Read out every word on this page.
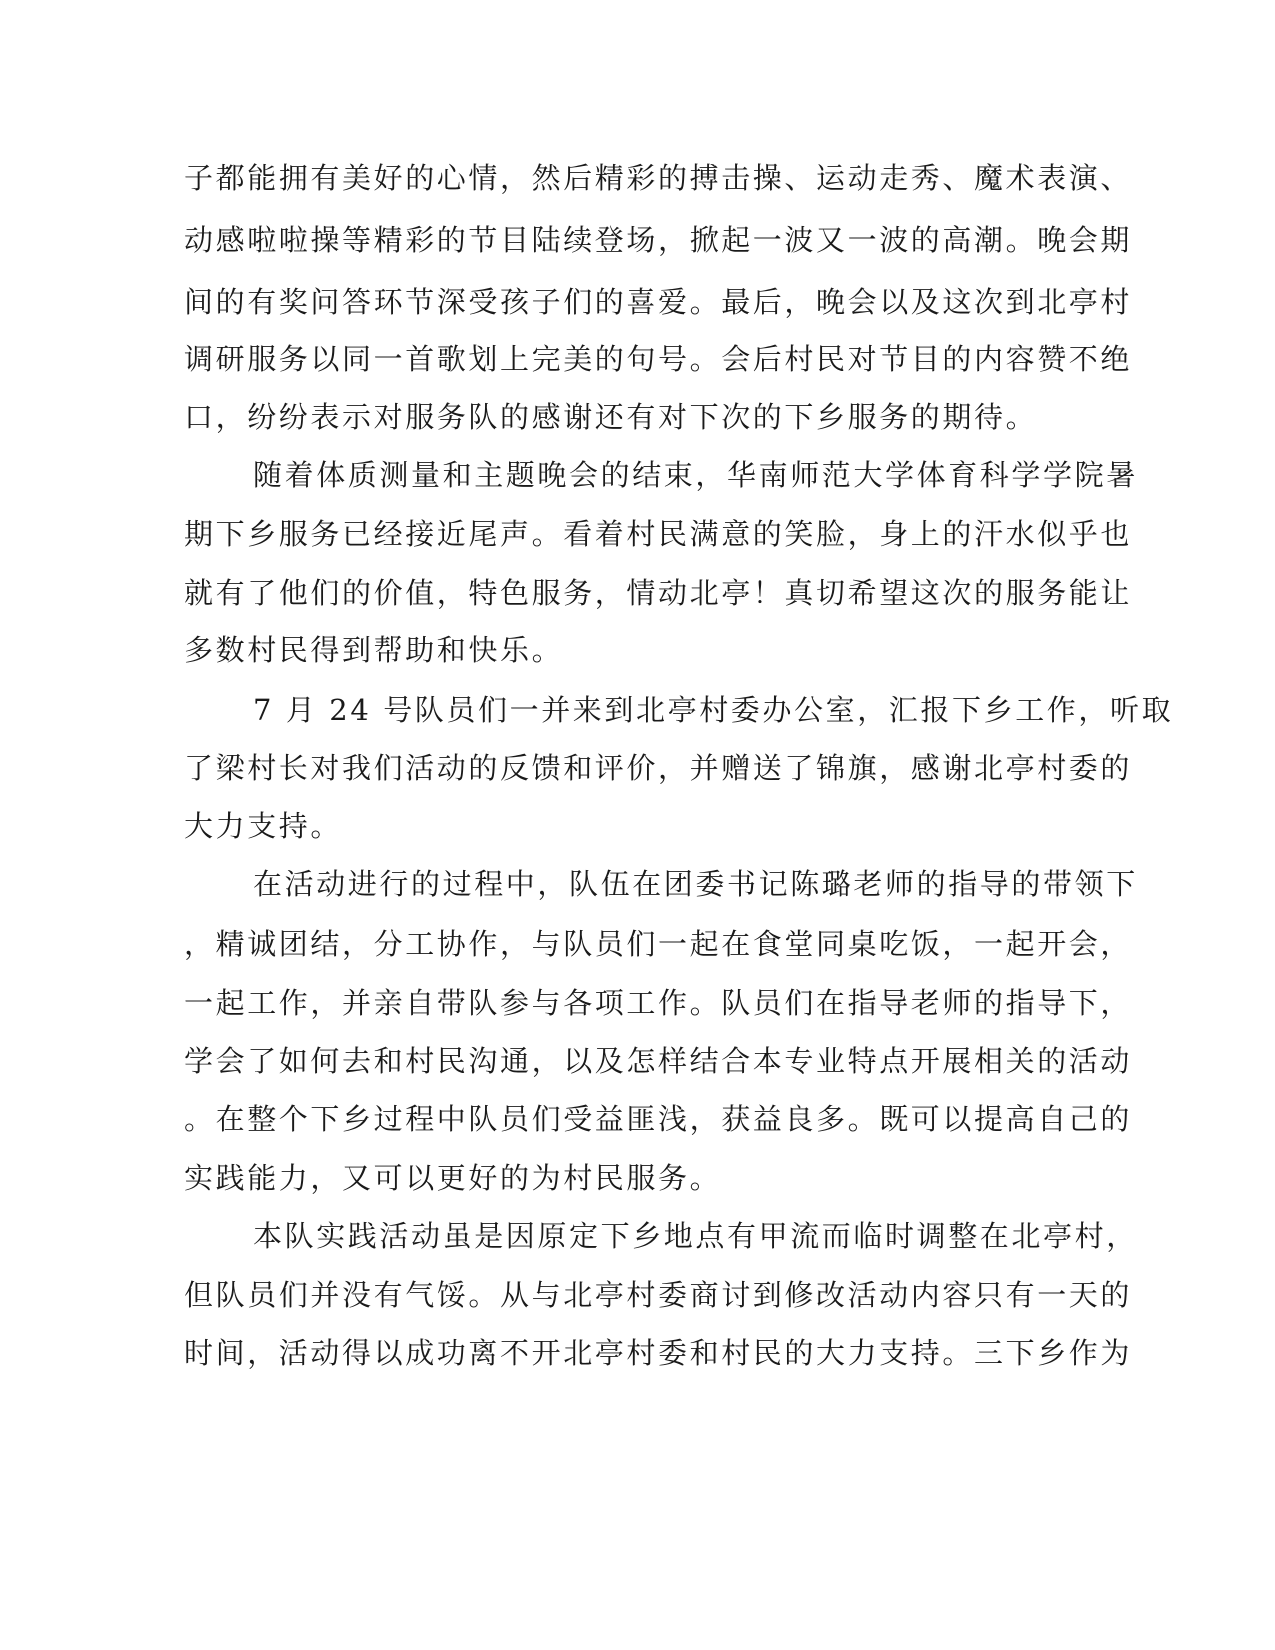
子都能拥有美好的心情，然后精彩的搏击操、运动走秀、魔术表演、

动感啦啦操等精彩的节目陆续登场，掀起一波又一波的高潮。晚会期

间的有奖问答环节深受孩子们的喜爱。最后，晚会以及这次到北亭村

调研服务以同一首歌划上完美的句号。会后村民对节目的内容赞不绝

口，纷纷表示对服务队的感谢还有对下次的下乡服务的期待。

随着体质测量和主题晚会的结束，华南师范大学体育科学学院暑

期下乡服务已经接近尾声。看着村民满意的笑脸，身上的汗水似乎也

就有了他们的价值，特色服务，情动北亭！真切希望这次的服务能让

多数村民得到帮助和快乐。

7 月 24 号队员们一并来到北亭村委办公室，汇报下乡工作，听取

了梁村长对我们活动的反馈和评价，并赠送了锦旗，感谢北亭村委的

大力支持。

在活动进行的过程中，队伍在团委书记陈璐老师的指导的带领下

，精诚团结，分工协作，与队员们一起在食堂同桌吃饭，一起开会，

一起工作，并亲自带队参与各项工作。队员们在指导老师的指导下，

学会了如何去和村民沟通，以及怎样结合本专业特点开展相关的活动

。在整个下乡过程中队员们受益匪浅，获益良多。既可以提高自己的

实践能力，又可以更好的为村民服务。

本队实践活动虽是因原定下乡地点有甲流而临时调整在北亭村，

但队员们并没有气馁。从与北亭村委商讨到修改活动内容只有一天的

时间，活动得以成功离不开北亭村委和村民的大力支持。三下乡作为
